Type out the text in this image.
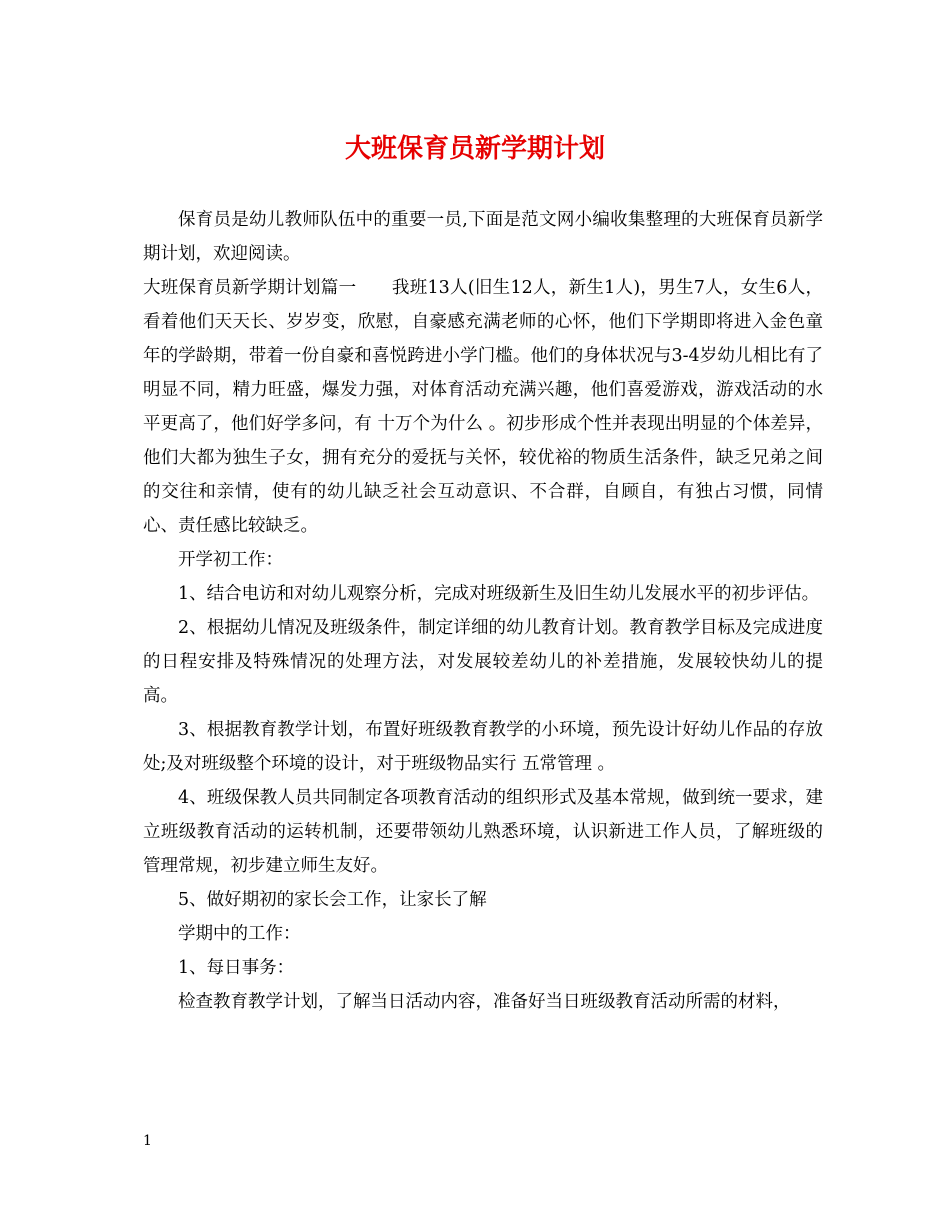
大班保育员新学期计划

保育员是幼儿教师队伍中的重要一员,下面是范文网小编收集整理的大班保育员新学期计划，欢迎阅读。

大班保育员新学期计划篇一　　我班13人(旧生12人，新生1人)，男生7人，女生6人，看着他们天天长、岁岁变，欣慰，自豪感充满老师的心怀，他们下学期即将进入金色童年的学龄期，带着一份自豪和喜悦跨进小学门槛。他们的身体状况与3-4岁幼儿相比有了明显不同，精力旺盛，爆发力强，对体育活动充满兴趣，他们喜爱游戏，游戏活动的水平更高了，他们好学多问，有 十万个为什么 。初步形成个性并表现出明显的个体差异，他们大都为独生子女，拥有充分的爱抚与关怀，较优裕的物质生活条件，缺乏兄弟之间的交往和亲情，使有的幼儿缺乏社会互动意识、不合群，自顾自，有独占习惯，同情心、责任感比较缺乏。

开学初工作：

1、结合电访和对幼儿观察分析，完成对班级新生及旧生幼儿发展水平的初步评估。

2、根据幼儿情况及班级条件，制定详细的幼儿教育计划。教育教学目标及完成进度的日程安排及特殊情况的处理方法，对发展较差幼儿的补差措施，发展较快幼儿的提高。

3、根据教育教学计划，布置好班级教育教学的小环境，预先设计好幼儿作品的存放处;及对班级整个环境的设计，对于班级物品实行 五常管理 。

4、班级保教人员共同制定各项教育活动的组织形式及基本常规，做到统一要求，建立班级教育活动的运转机制，还要带领幼儿熟悉环境，认识新进工作人员，了解班级的管理常规，初步建立师生友好。

5、做好期初的家长会工作，让家长了解

学期中的工作：

1、每日事务：

检查教育教学计划，了解当日活动内容，准备好当日班级教育活动所需的材料，

1
